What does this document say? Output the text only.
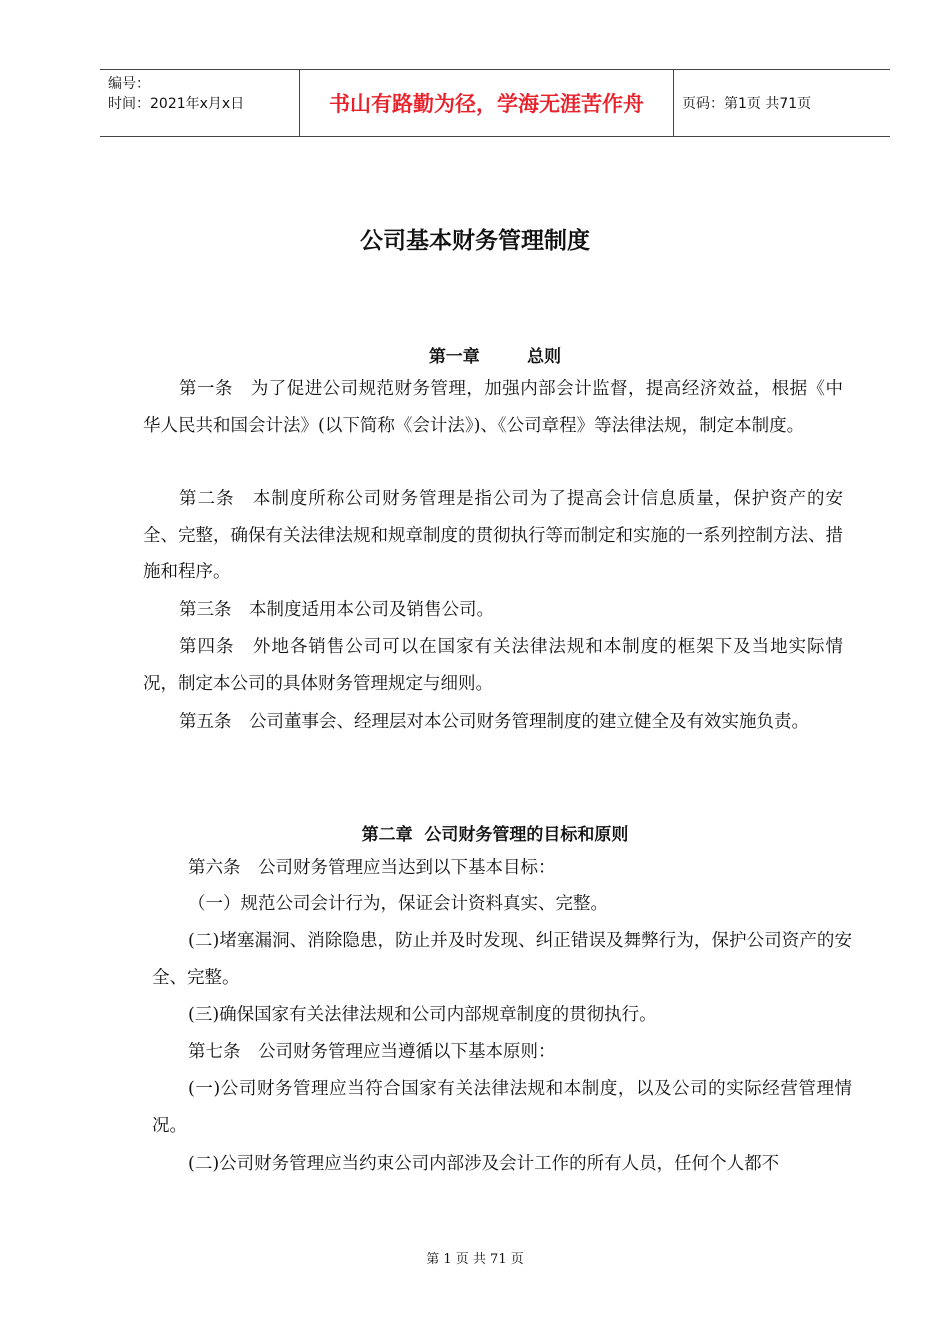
编号：
时间：2021年x月x日	书山有路勤为径，学海无涯苦作舟	页码：第1页 共71页
公司基本财务管理制度
第一章        总则

第一条　为了促进公司规范财务管理，加强内部会计监督，提高经济效益，根据《中华人民共和国会计法》(以下简称《会计法》)、《公司章程》等法律法规，制定本制度。

第二条　本制度所称公司财务管理是指公司为了提高会计信息质量，保护资产的安全、完整，确保有关法律法规和规章制度的贯彻执行等而制定和实施的一系列控制方法、措施和程序。

第三条　本制度适用本公司及销售公司。

第四条　外地各销售公司可以在国家有关法律法规和本制度的框架下及当地实际情况，制定本公司的具体财务管理规定与细则。

第五条　公司董事会、经理层对本公司财务管理制度的建立健全及有效实施负责。

第二章  公司财务管理的目标和原则

第六条　公司财务管理应当达到以下基本目标：

（一）规范公司会计行为，保证会计资料真实、完整。

(二)堵塞漏洞、消除隐患，防止并及时发现、纠正错误及舞弊行为，保护公司资产的安全、完整。

(三)确保国家有关法律法规和公司内部规章制度的贯彻执行。

第七条　公司财务管理应当遵循以下基本原则：

(一)公司财务管理应当符合国家有关法律法规和本制度，以及公司的实际经营管理情况。

(二)公司财务管理应当约束公司内部涉及会计工作的所有人员，任何个人都不

第 1 页 共 71 页
